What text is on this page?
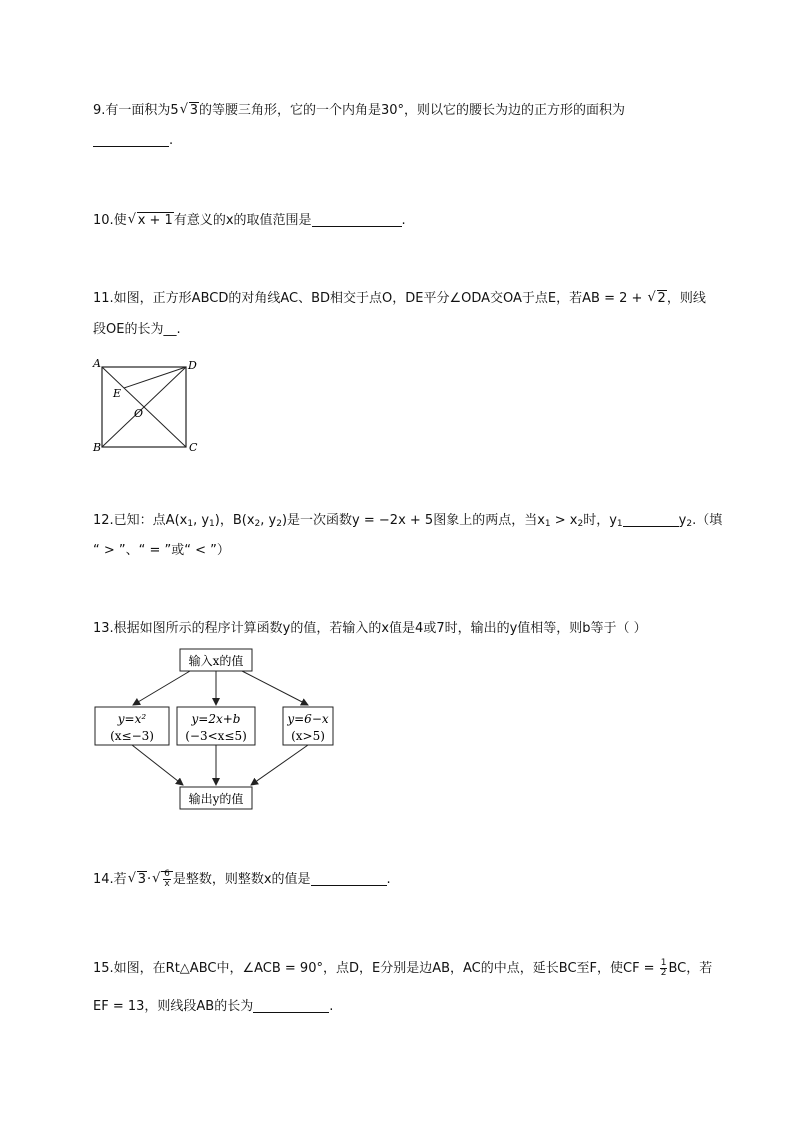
9.有一面积为5 √ 3的等腰三角形，它的一个内角是30°，则以它的腰长为边的正方形的面积为
.
10.使 √ x + 1有意义的x的取值范围是	.
11.如图，正方形ABCD的对角线AC、BD相交于点O，DE平分∠ODA交OA于点E，若AB = 2 + √ 2，则线
段OE的长为__.
A	D
B	C
E
O
12.已知：点$A(x_1$, $y_1$)，$B(x_2$, $y_2$)是一次函数y = −2x + 5图象上的两点，当$x_1 > x_2$时，$y_1$	$y_2$.（填
“ > ”、“ = ”或“ < ”）
13.根据如图所示的程序计算函数y的值，若输入的x值是4或7时，输出的y值相等，则b等于（ ）
输入x的值
y=x²
(x≤−3)
y=2x+b
(−3<x≤5)
y=6−x
(x>5)
输出y的值
14.若 √ 3· √ $\frac{6}{x}$ 是整数，则整数x的值是	.
15.如图，在Rt△ABC中，∠ACB = 90°，点D，E分别是边AB，AC的中点，延长BC至F，使CF = $\frac{1}{2}$ BC，若
EF = 13，则线段AB的长为	.
